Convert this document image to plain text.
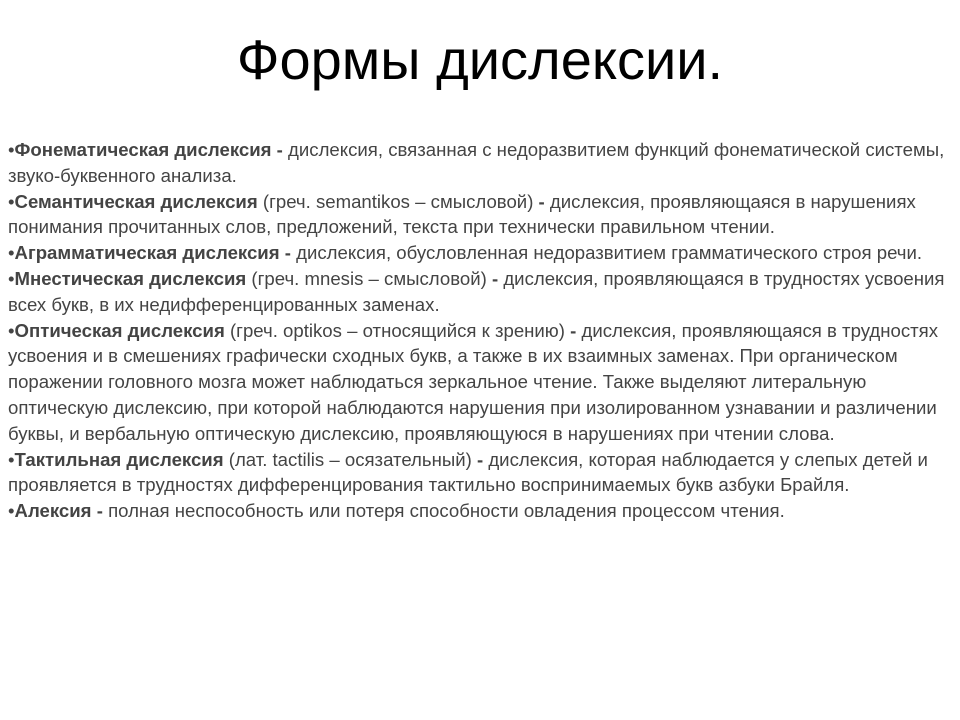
Формы дислексии.
•Фонематическая дислексия - дислексия, связанная с недоразвитием функций фонематической системы, звуко-буквенного анализа.
•Семантическая дислексия (греч. semantikos – смысловой) - дислексия, проявляющаяся в нарушениях понимания прочитанных слов, предложений, текста при технически правильном чтении.
•Аграмматическая дислексия - дислексия, обусловленная недоразвитием грамматического строя речи.
•Мнестическая дислексия (греч. mnesis – смысловой) - дислексия, проявляющаяся в трудностях усвоения всех букв, в их недифференцированных заменах.
•Оптическая дислексия (греч. optikos – относящийся к зрению) - дислексия, проявляющаяся в трудностях усвоения и в смешениях графически сходных букв, а также в их взаимных заменах. При органическом поражении головного мозга может наблюдаться зеркальное чтение. Также выделяют литеральную оптическую дислексию, при которой наблюдаются нарушения при изолированном узнавании и различении буквы, и вербальную оптическую дислексию, проявляющуюся в нарушениях при чтении слова.
•Тактильная дислексия (лат. tactilis – осязательный) - дислексия, которая наблюдается у слепых детей и проявляется в трудностях дифференцирования тактильно воспринимаемых букв азбуки Брайля.
•Алексия - полная неспособность или потеря способности овладения процессом чтения.
